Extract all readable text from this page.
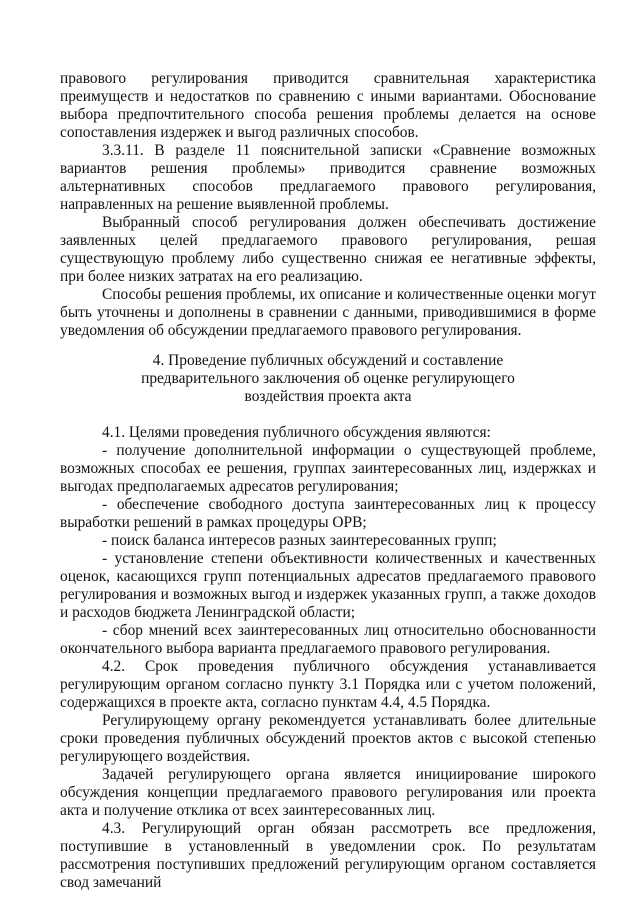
правового регулирования приводится сравнительная характеристика преимуществ и недостатков по сравнению с иными вариантами. Обоснование выбора предпочтительного способа решения проблемы делается на основе сопоставления издержек и выгод различных способов.

3.3.11. В разделе 11 пояснительной записки «Сравнение возможных вариантов решения проблемы» приводится сравнение возможных альтернативных способов предлагаемого правового регулирования, направленных на решение выявленной проблемы.

Выбранный способ регулирования должен обеспечивать достижение заявленных целей предлагаемого правового регулирования, решая существующую проблему либо существенно снижая ее негативные эффекты, при более низких затратах на его реализацию.

Способы решения проблемы, их описание и количественные оценки могут быть уточнены и дополнены в сравнении с данными, приводившимися в форме уведомления об обсуждении предлагаемого правового регулирования.

4. Проведение публичных обсуждений и составление предварительного заключения об оценке регулирующего воздействия проекта акта

4.1. Целями проведения публичного обсуждения являются:

- получение дополнительной информации о существующей проблеме, возможных способах ее решения, группах заинтересованных лиц, издержках и выгодах предполагаемых адресатов регулирования;

- обеспечение свободного доступа заинтересованных лиц к процессу выработки решений в рамках процедуры ОРВ;

- поиск баланса интересов разных заинтересованных групп;

- установление степени объективности количественных и качественных оценок, касающихся групп потенциальных адресатов предлагаемого правового регулирования и возможных выгод и издержек указанных групп, а также доходов и расходов бюджета Ленинградской области;

- сбор мнений всех заинтересованных лиц относительно обоснованности окончательного выбора варианта предлагаемого правового регулирования.

4.2. Срок проведения публичного обсуждения устанавливается регулирующим органом согласно пункту 3.1 Порядка или с учетом положений, содержащихся в проекте акта, согласно пунктам 4.4, 4.5 Порядка.

Регулирующему органу рекомендуется устанавливать более длительные сроки проведения публичных обсуждений проектов актов с высокой степенью регулирующего воздействия.

Задачей регулирующего органа является инициирование широкого обсуждения концепции предлагаемого правового регулирования или проекта акта и получение отклика от всех заинтересованных лиц.

4.3. Регулирующий орган обязан рассмотреть все предложения, поступившие в установленный в уведомлении срок. По результатам рассмотрения поступивших предложений регулирующим органом составляется свод замечаний
